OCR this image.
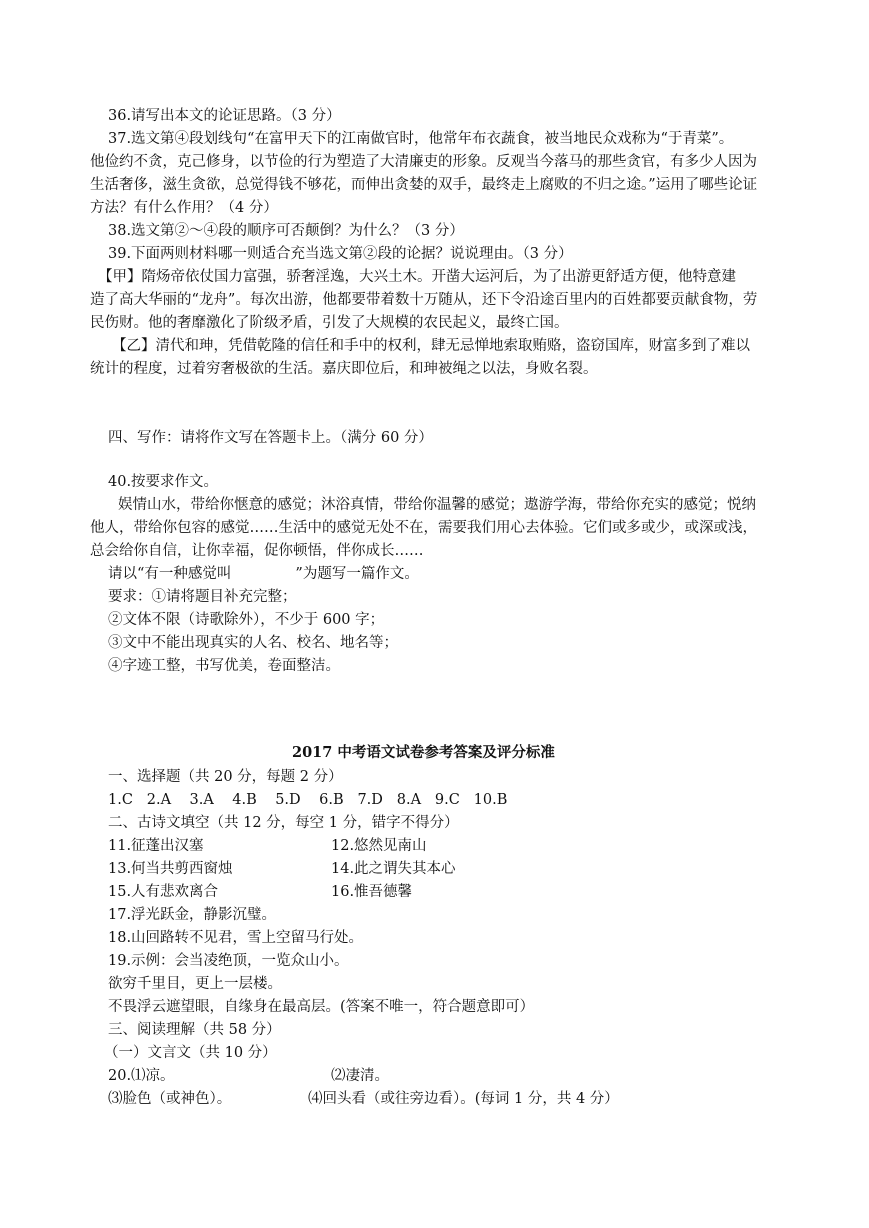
36.请写出本文的论证思路。（3 分）
37.选文第④段划线句“在富甲天下的江南做官时，他常年布衣蔬食，被当地民众戏称为“于青菜”。
他俭约不贪，克己修身，以节俭的行为塑造了大清廉吏的形象。反观当今落马的那些贪官，有多少人因为
生活奢侈，滋生贪欲，总觉得钱不够花，而伸出贪婪的双手，最终走上腐败的不归之途。”运用了哪些论证
方法？有什么作用？（4 分）
38.选文第②～④段的顺序可否颠倒？为什么？（3 分）
39.下面两则材料哪一则适合充当选文第②段的论据？说说理由。（3 分）
【甲】隋炀帝依仗国力富强，骄奢淫逸，大兴土木。开凿大运河后，为了出游更舒适方便，他特意建
造了高大华丽的“龙舟”。每次出游，他都要带着数十万随从，还下令沿途百里内的百姓都要贡献食物，劳
民伤财。他的奢靡激化了阶级矛盾，引发了大规模的农民起义，最终亡国。
【乙】清代和珅，凭借乾隆的信任和手中的权利，肆无忌惮地索取贿赂，盗窃国库，财富多到了难以
统计的程度，过着穷奢极欲的生活。嘉庆即位后，和珅被绳之以法，身败名裂。
四、写作：请将作文写在答题卡上。（满分 60 分）
40.按要求作文。
娱情山水，带给你惬意的感觉；沐浴真情，带给你温馨的感觉；遨游学海，带给你充实的感觉；悦纳
他人，带给你包容的感觉……生活中的感觉无处不在，需要我们用心去体验。它们或多或少，或深或浅，
总会给你自信，让你幸福，促你顿悟，伴你成长……
请以“有一种感觉叫	”为题写一篇作文。
要求：①请将题目补充完整；
②文体不限（诗歌除外），不少于 600 字；
③文中不能出现真实的人名、校名、地名等；
④字迹工整，书写优美，卷面整洁。
2017 中考语文试卷参考答案及评分标准
一、选择题（共 20 分，每题 2 分）
1.C 2.A 3.A 4.B 5.D 6.B 7.D 8.A 9.C 10.B
二、古诗文填空（共 12 分，每空 1 分，错字不得分）
11.征蓬出汉塞	12.悠然见南山
13.何当共剪西窗烛	14.此之谓失其本心
15.人有悲欢离合	16.惟吾德馨
17.浮光跃金，静影沉璧。
18.山回路转不见君，雪上空留马行处。
19.示例：会当凌绝顶，一览众山小。
欲穷千里目，更上一层楼。
不畏浮云遮望眼，自缘身在最高层。(答案不唯一，符合题意即可）
三、阅读理解（共 58 分）
（一）文言文（共 10 分）
20.⑴凉。	⑵凄清。
⑶脸色（或神色）。	⑷回头看（或往旁边看）。(每词 1 分，共 4 分）
